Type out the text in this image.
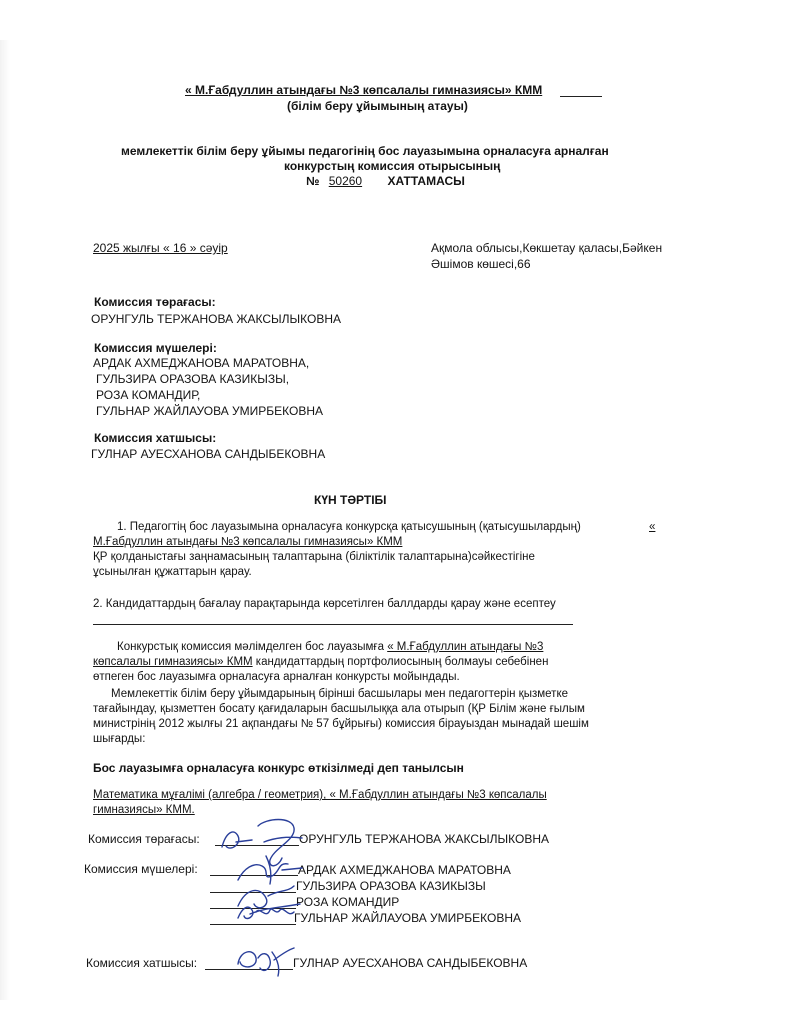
« М.Ғабдуллин атындағы №3 көпсалалы гимназиясы» КММ
(білім беру ұйымының атауы)
мемлекеттік білім беру ұйымы педагогінің бос лауазымына орналасуға арналған
конкурстың комиссия отырысының
№ 50260 ХАТТАМАСЫ
2025 жылғы « 16 » сәуір	Ақмола облысы,Көкшетау қаласы,Бәйкен
Әшімов көшесі,66
Комиссия төрағасы:
ОРУНГУЛЬ ТЕРЖАНОВА ЖАКСЫЛЫКОВНА
Комиссия мүшелері:
АРДАК АХМЕДЖАНОВА МАРАТОВНА,
ГУЛЬЗИРА ОРАЗОВА КАЗИКЫЗЫ,
РОЗА КОМАНДИР,
ГУЛЬНАР ЖАЙЛАУОВА УМИРБЕКОВНА
Комиссия хатшысы:
ГУЛНАР АУЕСХАНОВА САНДЫБЕКОВНА
КҮН ТӘРТІБІ
1. Педагогтің бос лауазымына орналасуға конкурсқа қатысушының (қатысушылардың)	«
М.Ғабдуллин атындағы №3 көпсалалы гимназиясы» КММ
ҚР қолданыстағы заңнамасының талаптарына (біліктілік талаптарына)сәйкестігіне
ұсынылған құжаттарын қарау.
2. Кандидаттардың бағалау парақтарында көрсетілген баллдарды қарау және есептеу
Конкурстық комиссия мәлімделген бос лауазымға « М.Ғабдуллин атындағы №3
көпсалалы гимназиясы» КММ кандидаттардың портфолиосының болмауы себебінен
өтпеген бос лауазымға орналасуға арналған конкурсты мойындады.
Мемлекеттік білім беру ұйымдарының бірінші басшылары мен педагогтерін қызметке
тағайындау, қызметтен босату қағидаларын басшылыққа ала отырып (ҚР Білім және ғылым
министрінің 2012 жылғы 21 ақпандағы № 57 бұйрығы) комиссия бірауыздан мынадай шешім
шығарды:
Бос лауазымға орналасуға конкурс өткізілмеді деп танылсын
Математика мұғалімі (алгебра / геометрия), « М.Ғабдуллин атындағы №3 көпсалалы
гимназиясы» КММ.
Комиссия төрағасы:	ОРУНГУЛЬ ТЕРЖАНОВА ЖАКСЫЛЫКОВНА
Комиссия мүшелері:	АРДАК АХМЕДЖАНОВА МАРАТОВНА
ГУЛЬЗИРА ОРАЗОВА КАЗИКЫЗЫ
РОЗА КОМАНДИР
ГУЛЬНАР ЖАЙЛАУОВА УМИРБЕКОВНА
Комиссия хатшысы:	ГУЛНАР АУЕСХАНОВА САНДЫБЕКОВНА
